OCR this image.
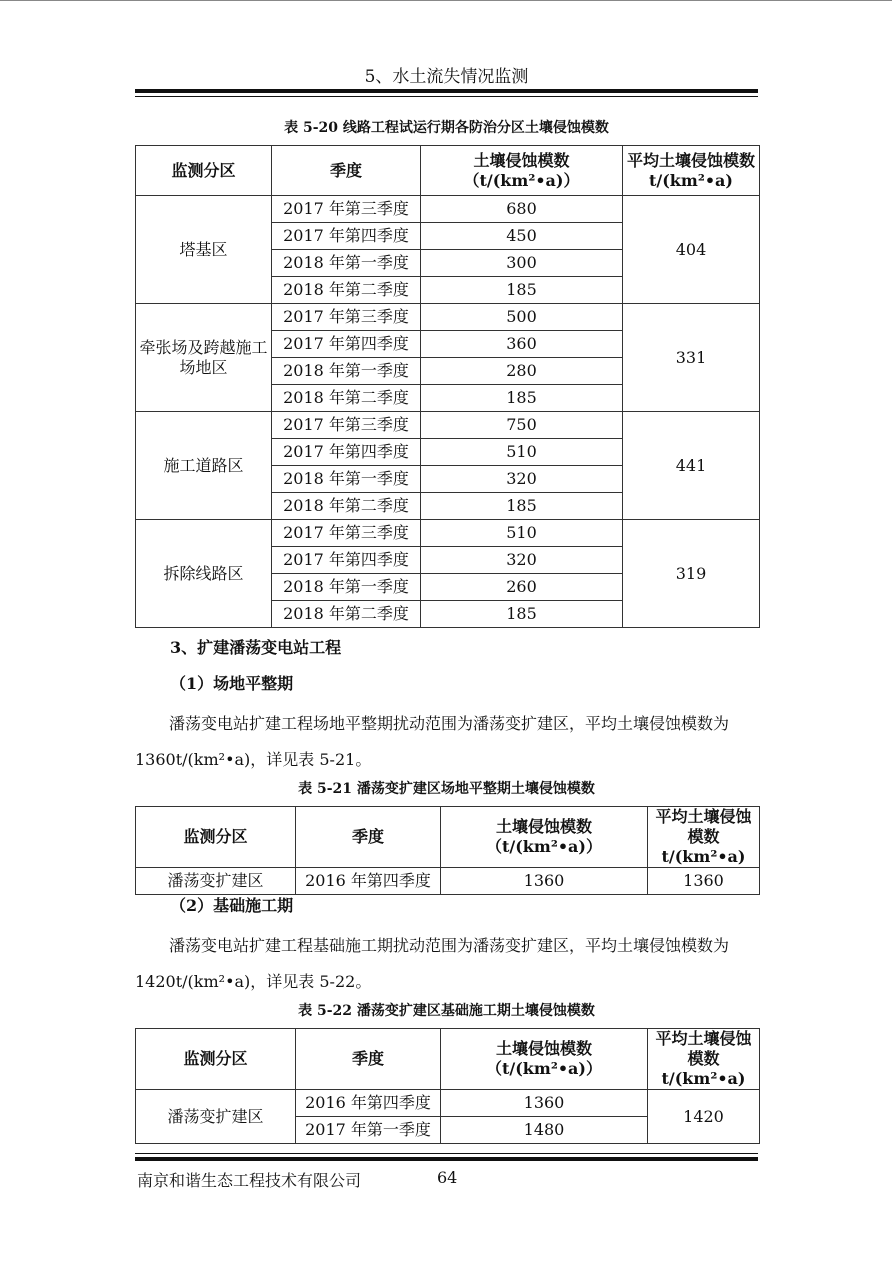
5、水土流失情况监测
表 5-20 线路工程试运行期各防治分区土壤侵蚀模数
监测分区	季度	土壤侵蚀模数（t/(km²•a)）	平均土壤侵蚀模数 t/(km²•a)
塔基区	2017 年第三季度	680	404
	2017 年第四季度	450	
	2018 年第一季度	300	
	2018 年第二季度	185	
牵张场及跨越施工场地区	2017 年第三季度	500	331
	2017 年第四季度	360	
	2018 年第一季度	280	
	2018 年第二季度	185	
施工道路区	2017 年第三季度	750	441
	2017 年第四季度	510	
	2018 年第一季度	320	
	2018 年第二季度	185	
拆除线路区	2017 年第三季度	510	319
	2017 年第四季度	320	
	2018 年第一季度	260	
	2018 年第二季度	185	
3、扩建潘荡变电站工程
（1）场地平整期
潘荡变电站扩建工程场地平整期扰动范围为潘荡变扩建区，平均土壤侵蚀模数为 1360t/(km²•a)，详见表 5-21。
表 5-21 潘荡变扩建区场地平整期土壤侵蚀模数
监测分区	季度	土壤侵蚀模数（t/(km²•a)）	平均土壤侵蚀模数 t/(km²•a)
潘荡变扩建区	2016 年第四季度	1360	1360
（2）基础施工期
潘荡变电站扩建工程基础施工期扰动范围为潘荡变扩建区，平均土壤侵蚀模数为 1420t/(km²•a)，详见表 5-22。
表 5-22 潘荡变扩建区基础施工期土壤侵蚀模数
监测分区	季度	土壤侵蚀模数（t/(km²•a)）	平均土壤侵蚀模数 t/(km²•a)
潘荡变扩建区	2016 年第四季度	1360	1420
	2017 年第一季度	1480	
南京和谐生态工程技术有限公司	64
